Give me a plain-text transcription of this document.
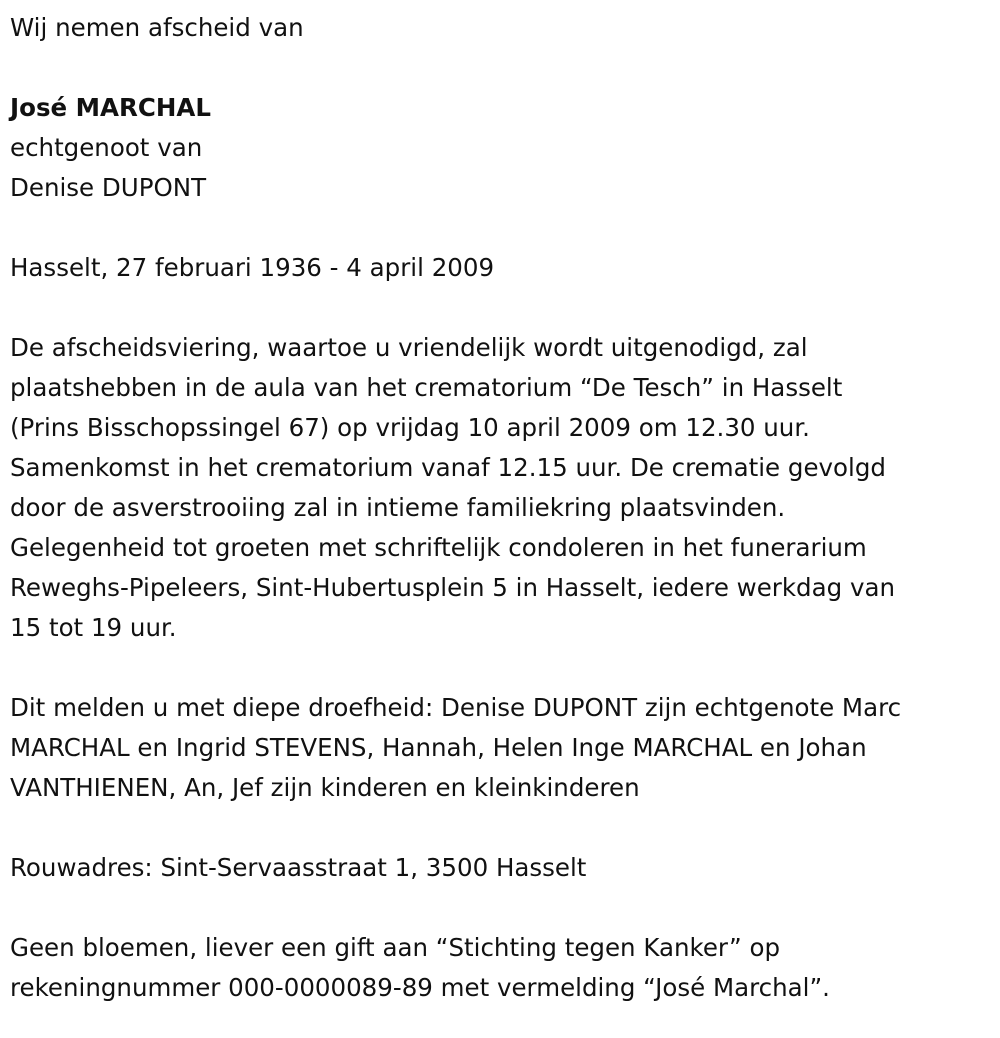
Wij nemen afscheid van
José MARCHAL
echtgenoot van
Denise DUPONT
Hasselt, 27 februari 1936 - 4 april 2009
De afscheidsviering, waartoe u vriendelijk wordt uitgenodigd, zal
plaatshebben in de aula van het crematorium “De Tesch” in Hasselt
(Prins Bisschopssingel 67) op vrijdag 10 april 2009 om 12.30 uur.
Samenkomst in het crematorium vanaf 12.15 uur. De crematie gevolgd
door de asverstrooiing zal in intieme familiekring plaatsvinden.
Gelegenheid tot groeten met schriftelijk condoleren in het funerarium
Reweghs-Pipeleers, Sint-Hubertusplein 5 in Hasselt, iedere werkdag van
15 tot 19 uur.
Dit melden u met diepe droefheid: Denise DUPONT zijn echtgenote Marc
MARCHAL en Ingrid STEVENS, Hannah, Helen Inge MARCHAL en Johan
VANTHIENEN, An, Jef zijn kinderen en kleinkinderen
Rouwadres: Sint-Servaasstraat 1, 3500 Hasselt
Geen bloemen, liever een gift aan “Stichting tegen Kanker” op
rekeningnummer 000-0000089-89 met vermelding “José Marchal”.
